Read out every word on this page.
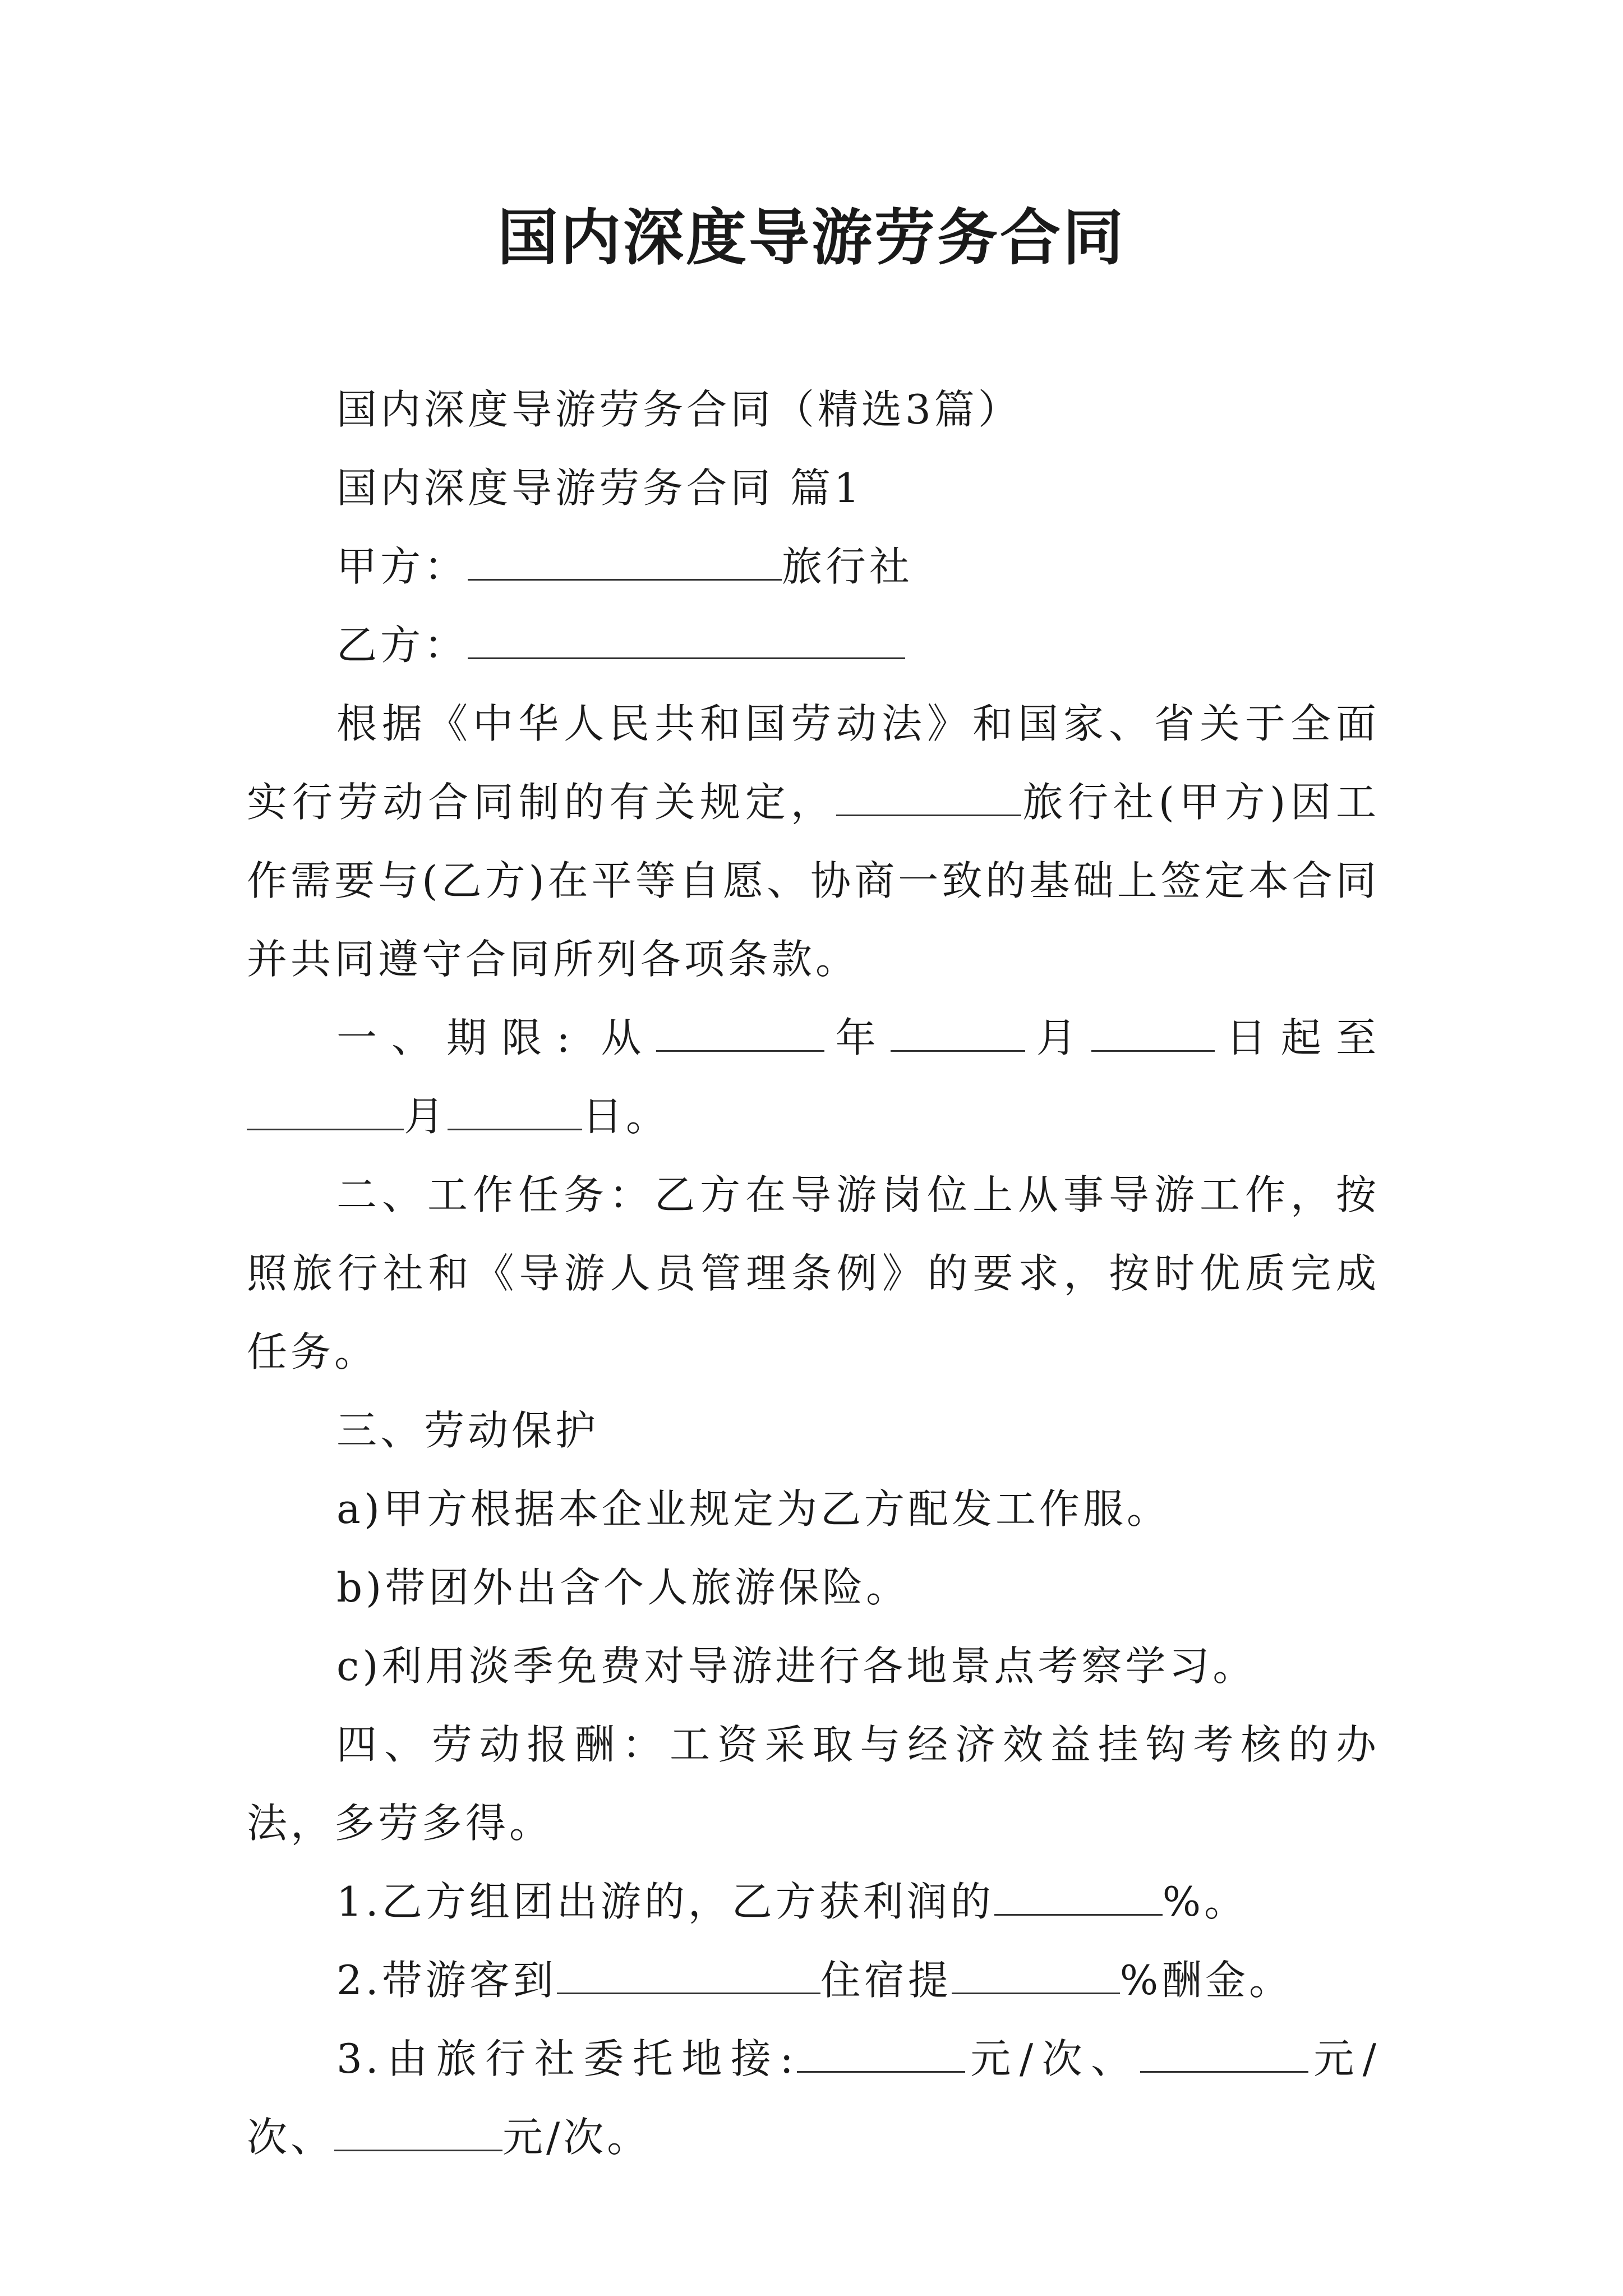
国内深度导游劳务合同

国内深度导游劳务合同（精选3篇）

国内深度导游劳务合同 篇1

甲方：	旅行社

乙方：

根据《中华人民共和国劳动法》和国家、省关于全面实行劳动合同制的有关规定，	旅行社(甲方)因工作需要与(乙方)在平等自愿、协商一致的基础上签定本合同并共同遵守合同所列各项条款。

一、期限: 从	年	月	日起至月	日。

二、工作任务：乙方在导游岗位上从事导游工作，按照旅行社和《导游人员管理条例》的要求，按时优质完成任务。

三、劳动保护

a)甲方根据本企业规定为乙方配发工作服。

b)带团外出含个人旅游保险。

c)利用淡季免费对导游进行各地景点考察学习。

四、劳动报酬：工资采取与经济效益挂钩考核的办法，多劳多得。

1.乙方组团出游的，乙方获利润的	%。

2.带游客到	住宿提	%酬金。

3.由旅行社委托地接:	元/次、	元/次、	元/次。
